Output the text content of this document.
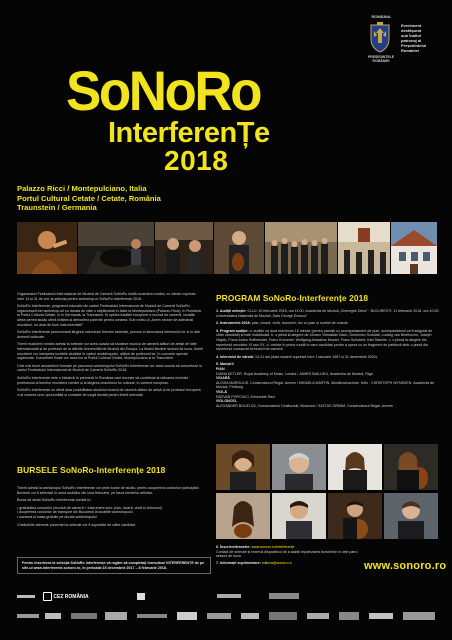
ROMÂNIA
PREȘEDINTELE
ROMÂNIEI
Eveniment
desfășurat
sub Înaltul
patronaj al
Președintelui
României
SoNoRo
InterferenȚe
2018
Palazzo Ricci / Montepulciano, Italia
Portul Cultural Cetate / Cetate, România
Traunstein / Germania

Organizatori Festivalului Internațional de Muzică de Cameră SoNoRo invită muzicieni români, cu vârste cuprinse între 14 și 31 de ani, la selecția pentru workshop-ul SoNoRo Interferențe 2018.

SoNoRo Interferențe, programul educativ din cadrul Festivalului Internațional de Muzică de Cameră SoNoRo, organizează trei workshop-uri cu durata de câte o săptămână în Italia la Montepulciano (Palazzo Ricci), în România, la Portul Cultural Cetate, și în Germania, la Traunstein. În spiritul tradiției europene a muzicii de cameră, locațiile alese permit studiu oferă liniștea și atmosfera potrivite pentru crearea. Sub motto-ul „Avem nevoie de adevărați muzicieni, nu doar de buni instrumentiști!”

SoNoRo Interferențe promovează lărgirea orizontului tinerilor selectați, precum și stimularea interesului lor și în alte domenii culturale.

Tinerii muzicieni români admiși la selecție vor avea ocazia să studieze muzica de cameră alături de artiști de talie internațională și de profesori de la diferite Universități de Muzică din Europa. La finalul fiecărei sesiuni de lucru, tinerii muzicieni vor interpreta lucrările studiate în cadrul workshopului, alături de profesorii lor, în concerte special organizate. Concertele finale vor avea loc la Portul Cultural Cetate, Montepulciano și la Traunstein.

Cele mai bune ansambluri formate pe parcursul workshopului SoNoRo Interferențe vor avea ocazia să concerteze în cadrul Festivalului Internațional de Muzică de Cameră SoNoRo 2018.

SoNoRo Interferențe este o inițiativă în premieră în România care dorește să contribuie la ridicarea nivelului profesional al tinerilor muzicieni români și la lărgirea orizontului lor cultural, în context european.

SoNoRo Interferențe nu oferă doar posibilitatea studiului muzicii de cameră alături de artiști și de profesori europeni, ci și crearea unor oportunități și contacte de lungă durată pentru tinerii selectați.

BURSELE SoNoRo-Interferențe 2018

Tinerii admiși la workshopul SoNoRo Interferențe vor primi burse de studiu, pentru acoperirea costurilor participării. Bursierii vor fi selectați în urma audițiilor din luna februarie, pe baza meritelor artistice.

Bursa de studii SoNoRo Interferențe constă în:

• gratuitatea cursurilor (muzică de cameră + instrument solo: pian, vioară, violă și violoncel)
• acoperirea costurilor de transport din București la locațiile workshopului
• cazarea și masa gratuite pe durata workshopului

Cheltuielile aferente prezenței la selecție vor fi suportate de către candidat.

Pentru înscrierea la selecția SoNoRo Interferențe vă rugăm să completați formularul INTERFERENȚE de pe site-ul www.interferente.sonoro.ro, în perioada 15 decembrie 2017 – 8 februarie 2018.
PROGRAM SoNoRo-Interferențe 2018

1. Audiții selecție: CLUJ: 10 februarie 2018, ora 11:00, Academia de Muzică „Gheorghe Dima” · BUCUREȘTI: 11 februarie 2018, ora 10:30, Universitatea Națională de Muzică „Sala George Enescu”

2. Instrumente 2018: pian, vioară, violă, violoncel; trio cu pian și cvartet de coarde.

3. Program audiție: a. audiție va dura maximum 15 minute (pentru pianiști cu acompaniament de pian, acompaniatorul va fi asigurat de către candidat) și este individuală. b. o piesă la alegere de Johann Sebastian Bach, Domenico Scarlatti, Ludwig van Beethoven, Joseph Haydn, Franz Anton Hoffmeister, Franz Krommer, Wolfgang Amadeus Mozart, Franz Schubert, Karl Stamitz. c. o piesă la alegere din repertoriul secolelor XI sau XX. d. cerințe în prima rundă în care candidați pentru a opera cu un fragment de partitură dintr-o piesă din repertoriul consacrat al muzicii de cameră.

4. Intervalul de vârstă: 14-31 ani (data nașterii cuprinsă între 1 ianuarie 1987 și 31 decembrie 2004).

5. Maeștrii
PIAN
DIANA KETLER, Royal Academy of Music, Londra / JAMES BAILLIEU, Academia de Muzică, Riga
VIOARĂ
ALISSA MARGULIS, Conservatorul Regal, Anvers / MIHAELA MARTIN, Musikhochschule, Köln · CHRISTOPH WYNEKEN, Academia de Muzică, Freiburg
VIOLĂ
RĂZVAN POPOVICI, Ensemble Ravi
VIOLONCEL
ALEXANDER BOUZLOV, Conservatorul Ceaikovski, Moscova / JUSTUS GRIMM, Conservatorul Regal, Anvers
6. Înscriere/transfer: www.sonoro.ro/interferente
Contact de selecție și rezervă dispozitivul de a stabili repartizarea bursierilor în cele patru sesiuni de lucru.
7. Informații suplimentare: ioilieva@sonoro.ro	www.sonoro.ro
CEZ ROMÂNIA
